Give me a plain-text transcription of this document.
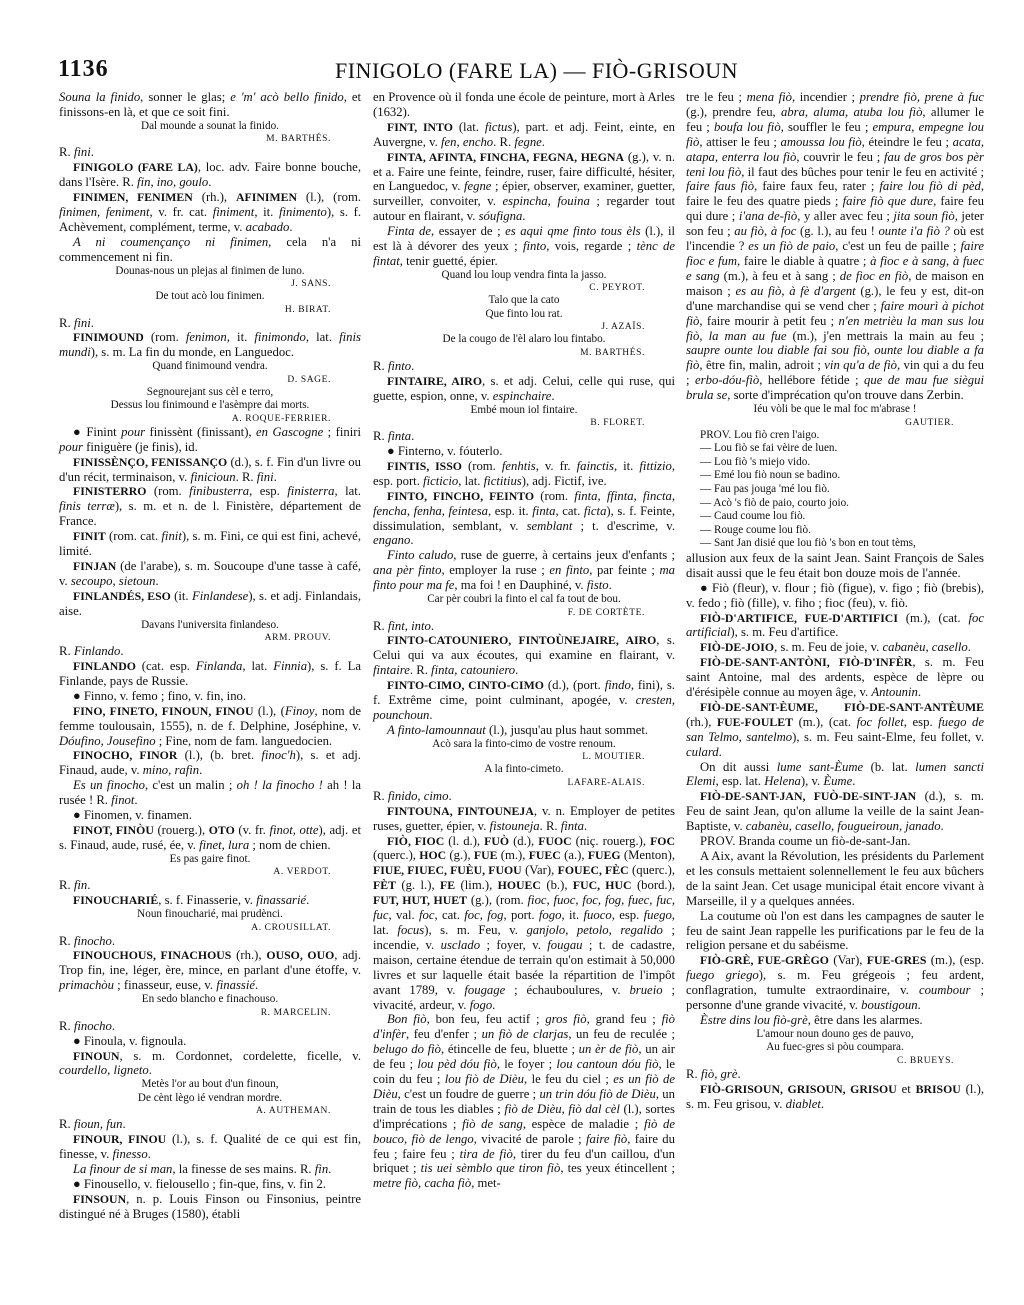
1136	FINIGOLO (FARE LA) — FIÒ-GRISOUN

Souna la finido, sonner le glas; e 'm' acò bello finido, et finissons-en là, et que ce soit fini.

Dal mounde a sounat la finido.

M. BARTHÉS.

R. fini.

FINIGOLO (FARE LA), loc. adv. Faire bonne bouche, dans l'Isère. R. fin, ino, goulo.

FINIMEN, FENIMEN (rh.), AFINIMEN (l.), (rom. finimen, feniment, v. fr. cat. finiment, it. finimento), s. f. Achèvement, complément, terme, v. acabado.

A ni coumençanço ni finimen, cela n'a ni commencement ni fin.

Dounas-nous un plejas al finimen de luno.

J. SANS.

De tout acò lou finimen.

H. BIRAT.

R. fini.

FINIMOUND (rom. fenimon, it. finimondo, lat. finis mundi), s. m. La fin du monde, en Languedoc.

Quand finimound vendra.

D. SAGE.

Segnourejant sus cèl e terro,
Dessus lou finimound e l'asèmpre dai morts.

A. ROQUE-FERRIER.

● Finint pour finissènt (finissant), en Gascogne ; finiri pour finiguère (je finis), id.

FINISSÈNÇO, FENISSANÇO (d.), s. f. Fin d'un livre ou d'un récit, terminaison, v. finicioun. R. fini.

FINISTERRO (rom. finibusterra, esp. finisterra, lat. finis terræ), s. m. et n. de l. Finistère, département de France.

FINIT (rom. cat. finit), s. m. Fini, ce qui est fini, achevé, limité.

FINJAN (de l'arabe), s. m. Soucoupe d'une tasse à café, v. secoupo, sietoun.

FINLANDÉS, ESO (it. Finlandese), s. et adj. Finlandais, aise.

Davans l'universita finlandeso.

ARM. PROUV.

R. Finlando.

FINLANDO (cat. esp. Finlanda, lat. Finnia), s. f. La Finlande, pays de Russie.

● Finno, v. femo ; fino, v. fin, ino.

FINO, FINETO, FINOUN, FINOU (l.), (Finoy, nom de femme toulousain, 1555), n. de f. Delphine, Joséphine, v. Dóufino, Jousefino ; Fine, nom de fam. languedocien.

FINOCHO, FINOR (l.), (b. bret. finoc'h), s. et adj. Finaud, aude, v. mino, rafin.

Es un finocho, c'est un malin ; oh ! la finocho ! ah ! la rusée ! R. finot.

● Finomen, v. finamen.

FINOT, FINÒU (rouerg.), OTO (v. fr. finot, otte), adj. et s. Finaud, aude, rusé, ée, v. finet, lura ; nom de chien.

Es pas gaire finot.

A. VERDOT.

R. fin.

FINOUCHARIÉ, s. f. Finasserie, v. finassarié.

Noun finoucharié, mai prudènci.

A. CROUSILLAT.

R. finocho.

FINOUCHOUS, FINACHOUS (rh.), OUSO, OUO, adj. Trop fin, ine, léger, ère, mince, en parlant d'une étoffe, v. primachòu ; finasseur, euse, v. finassié.

En sedo blancho e finachouso.

R. MARCELIN.

R. finocho.

● Finoula, v. fignoula.

FINOUN, s. m. Cordonnet, cordelette, ficelle, v. courdello, ligneto.

Metès l'or au bout d'un finoun,
De cènt lègo ié vendran mordre.

A. AUTHEMAN.

R. fioun, fun.

FINOUR, FINOU (l.), s. f. Qualité de ce qui est fin, finesse, v. finesso.

La finour de si man, la finesse de ses mains. R. fin.

● Finousello, v. fielousello ; fin-que, fins, v. fin 2.

FINSOUN, n. p. Louis Finson ou Finsonius, peintre distingué né à Bruges (1580), établi

en Provence où il fonda une école de peinture, mort à Arles (1632).

FINT, INTO (lat. fictus), part. et adj. Feint, einte, en Auvergne, v. fen, encho. R. fegne.

FINTA, AFINTA, FINCHA, FEGNA, HEGNA (g.), v. n. et a. Faire une feinte, feindre, ruser, faire difficulté, hésiter, en Languedoc, v. fegne ; épier, observer, examiner, guetter, surveiller, convoiter, v. espincha, fouina ; regarder tout autour en flairant, v. sóufigna.

Finta de, essayer de ; es aqui qme finto tous èls (l.), il est là à dévorer des yeux ; finto, vois, regarde ; tènc de fintat, tenir guetté, épier.

Quand lou loup vendra finta la jasso.

C. PEYROT.

Talo que la cato
Que finto lou rat.

J. AZAÏS.

De la cougo de l'èl alaro lou fintabo.

M. BARTHÉS.

R. finto.

FINTAIRE, AIRO, s. et adj. Celui, celle qui ruse, qui guette, espion, onne, v. espinchaire.

Embé moun iol fintaire.

B. FLORET.

R. finta.

● Finterno, v. fóuterlo.

FINTIS, ISSO (rom. fenhtis, v. fr. fainctis, it. fittizio, esp. port. ficticio, lat. fictitius), adj. Fictif, ive.

FINTO, FINCHO, FEINTO (rom. finta, ffinta, fincta, fencha, fenha, feintesa, esp. it. finta, cat. ficta), s. f. Feinte, dissimulation, semblant, v. semblant ; t. d'escrime, v. engano.

Finto caludo, ruse de guerre, à certains jeux d'enfants ; ana pèr finto, employer la ruse ; en finto, par feinte ; ma finto pour ma fe, ma foi ! en Dauphiné, v. fisto.

Car pèr coubri la finto el cal fa tout de bou.

F. DE CORTÈTE.

R. fint, into.

FINTO-CATOUNIERO, FINTOÙNEJAIRE, AIRO, s. Celui qui va aux écoutes, qui examine en flairant, v. fintaire. R. finta, catouniero.

FINTO-CIMO, CINTO-CIMO (d.), (port. findo, fini), s. f. Extrême cime, point culminant, apogée, v. cresten, pounchoun.

A finto-lamounnaut (l.), jusqu'au plus haut sommet.

Acò sara la finto-cimo de vostre renoum.

L. MOUTIER.

A la finto-cimeto.

LAFARE-ALAIS.

R. finido, cimo.

FINTOUNA, FINTOUNEJA, v. n. Employer de petites ruses, guetter, épier, v. fistouneja. R. finta.

FIÒ, FIOC (l. d.), FUÒ (d.), FUOC (niç. rouerg.), FOC (querc.), HOC (g.), FUE (m.), FUEC (a.), FUEG (Menton), FIUE, FIUEC, FUÈU, FUOU (Var), FOUEC, FÈC (querc.), FÈT (g. l.), FE (lim.), HOUEC (b.), FUC, HUC (bord.), FUT, HUT, HUET (g.), (rom. fioc, fuoc, foc, fog, fuec, fuc, fuc, val. foc, cat. foc, fog, port. fogo, it. fuoco, esp. fuego, lat. focus), s. m. Feu, v. ganjolo, petolo, regalido ; incendie, v. usclado ; foyer, v. fougau ; t. de cadastre, maison, certaine étendue de terrain qu'on estimait à 50,000 livres et sur laquelle était basée la répartition de l'impôt avant 1789, v. fougage ; échauboulures, v. brueio ; vivacité, ardeur, v. fogo.

Bon fiò, bon feu, feu actif ; gros fiò, grand feu ; fiò d'infèr, feu d'enfer ; un fiò de clarjas, un feu de reculée ; belugo do fiò, étincelle de feu, bluette ; un èr de fiò, un air de feu ; lou pèd dóu fiò, le foyer ; lou cantoun dóu fiò, le coin du feu ; lou fiò de Dièu, le feu du ciel ; es un fiò de Dièu, c'est un foudre de guerre ; un trin dóu fiò de Dièu, un train de tous les diables ; fiò de Dièu, fiò dal cèl (l.), sortes d'imprécations ; fiò de sang, espèce de maladie ; fiò de bouco, fiò de lengo, vivacité de parole ; faire fiò, faire du feu ; faire feu ; tira de fiò, tirer du feu d'un caillou, d'un briquet ; tis uei sèmblo que tiron fiò, tes yeux étincellent ; metre fiò, cacha fiò, met-

tre le feu ; mena fiò, incendier ; prendre fiò, prene à fuc (g.), prendre feu, abra, aluma, atuba lou fiò, allumer le feu ; boufa lou fiò, souffler le feu ; empura, empegne lou fiò, attiser le feu ; amoussa lou fiò, éteindre le feu ; acata, atapa, enterra lou fiò, couvrir le feu ; fau de gros bos pèr teni lou fiò, il faut des bûches pour tenir le feu en activité ; faire faus fiò, faire faux feu, rater ; faire lou fiò di pèd, faire le feu des quatre pieds ; faire fiò que dure, faire feu qui dure ; i'ana de-fiò, y aller avec feu ; jita soun fiò, jeter son feu ; au fiò, à foc (g. l.), au feu ! ounte i'a fiò ? où est l'incendie ? es un fiò de paio, c'est un feu de paille ; faire fioc e fum, faire le diable à quatre ; à fioc e à sang, à fuec e sang (m.), à feu et à sang ; de fioc en fiò, de maison en maison ; es au fiò, à fè d'argent (g.), le feu y est, dit-on d'une marchandise qui se vend cher ; faire mourì à pichot fiò, faire mourir à petit feu ; n'en metrièu la man sus lou fiò, la man au fue (m.), j'en mettrais la main au feu ; saupre ounte lou diable fai sou fiò, ounte lou diable a fa fiò, être fin, malin, adroit ; vin qu'a de fiò, vin qui a du feu ; erbo-dóu-fiò, hellébore fétide ; que de mau fue siègui brula se, sorte d'imprécation qu'on trouve dans Zerbin.

Iéu vòli be que le mal foc m'abrase !

GAUTIER.

PROV. Lou fiò cren l'aigo.
— Lou fiò se fai vèire de luen.
— Lou fiò 's miejo vido.
— Emé lou fiò noun se badino.
— Fau pas jouga 'mé lou fiò.
— Acò 's fiò de paio, courto joio.
— Caud coume lou fiò.
— Rouge coume lou fiò.
— Sant Jan disié que lou fiò 's bon en tout tèms,

allusion aux feux de la saint Jean. Saint François de Sales disait aussi que le feu était bon douze mois de l'année.

● Fiò (fleur), v. flour ; fiò (figue), v. figo ; fiò (brebis), v. fedo ; fiò (fille), v. fiho ; fioc (feu), v. fiò.

FIÒ-D'ARTIFICE, FUE-D'ARTIFICI (m.), (cat. foc artificial), s. m. Feu d'artifice.

FIÒ-DE-JOIO, s. m. Feu de joie, v. cabanèu, casello.

FIÒ-DE-SANT-ANTÒNI, FIÒ-D'INFÈR, s. m. Feu saint Antoine, mal des ardents, espèce de lèpre ou d'érésipèle connue au moyen âge, v. Antounin.

FIÒ-DE-SANT-ÈUME, FIÒ-DE-SANT-ANTÈUME (rh.), FUE-FOULET (m.), (cat. foc follet, esp. fuego de san Telmo, santelmo), s. m. Feu saint-Elme, feu follet, v. culard.

On dit aussi lume sant-Èume (b. lat. lumen sancti Elemi, esp. lat. Helena), v. Èume.

FIÒ-DE-SANT-JAN, FUÒ-DE-SINT-JAN (d.), s. m. Feu de saint Jean, qu'on allume la veille de la saint Jean-Baptiste, v. cabanèu, casello, fougueiroun, janado.

PROV. Branda coume un fiò-de-sant-Jan.

A Aix, avant la Révolution, les présidents du Parlement et les consuls mettaient solennellement le feu aux bûchers de la saint Jean. Cet usage municipal était encore vivant à Marseille, il y a quelques années.

La coutume où l'on est dans les campagnes de sauter le feu de saint Jean rappelle les purifications par le feu de la religion persane et du sabéisme.

FIÒ-GRÈ, FUE-GRÈGO (Var), FUE-GRES (m.), (esp. fuego griego), s. m. Feu grégeois ; feu ardent, conflagration, tumulte extraordinaire, v. coumbour ; personne d'une grande vivacité, v. boustigoun.

Èstre dins lou fiò-grè, être dans les alarmes.

L'amour noun douno ges de pauvo,
Au fuec-gres si pòu coumpara.

C. BRUEYS.

R. fiò, grè.

FIÒ-GRISOUN, GRISOUN, GRISOU et BRISOU (l.), s. m. Feu grisou, v. diablet.
